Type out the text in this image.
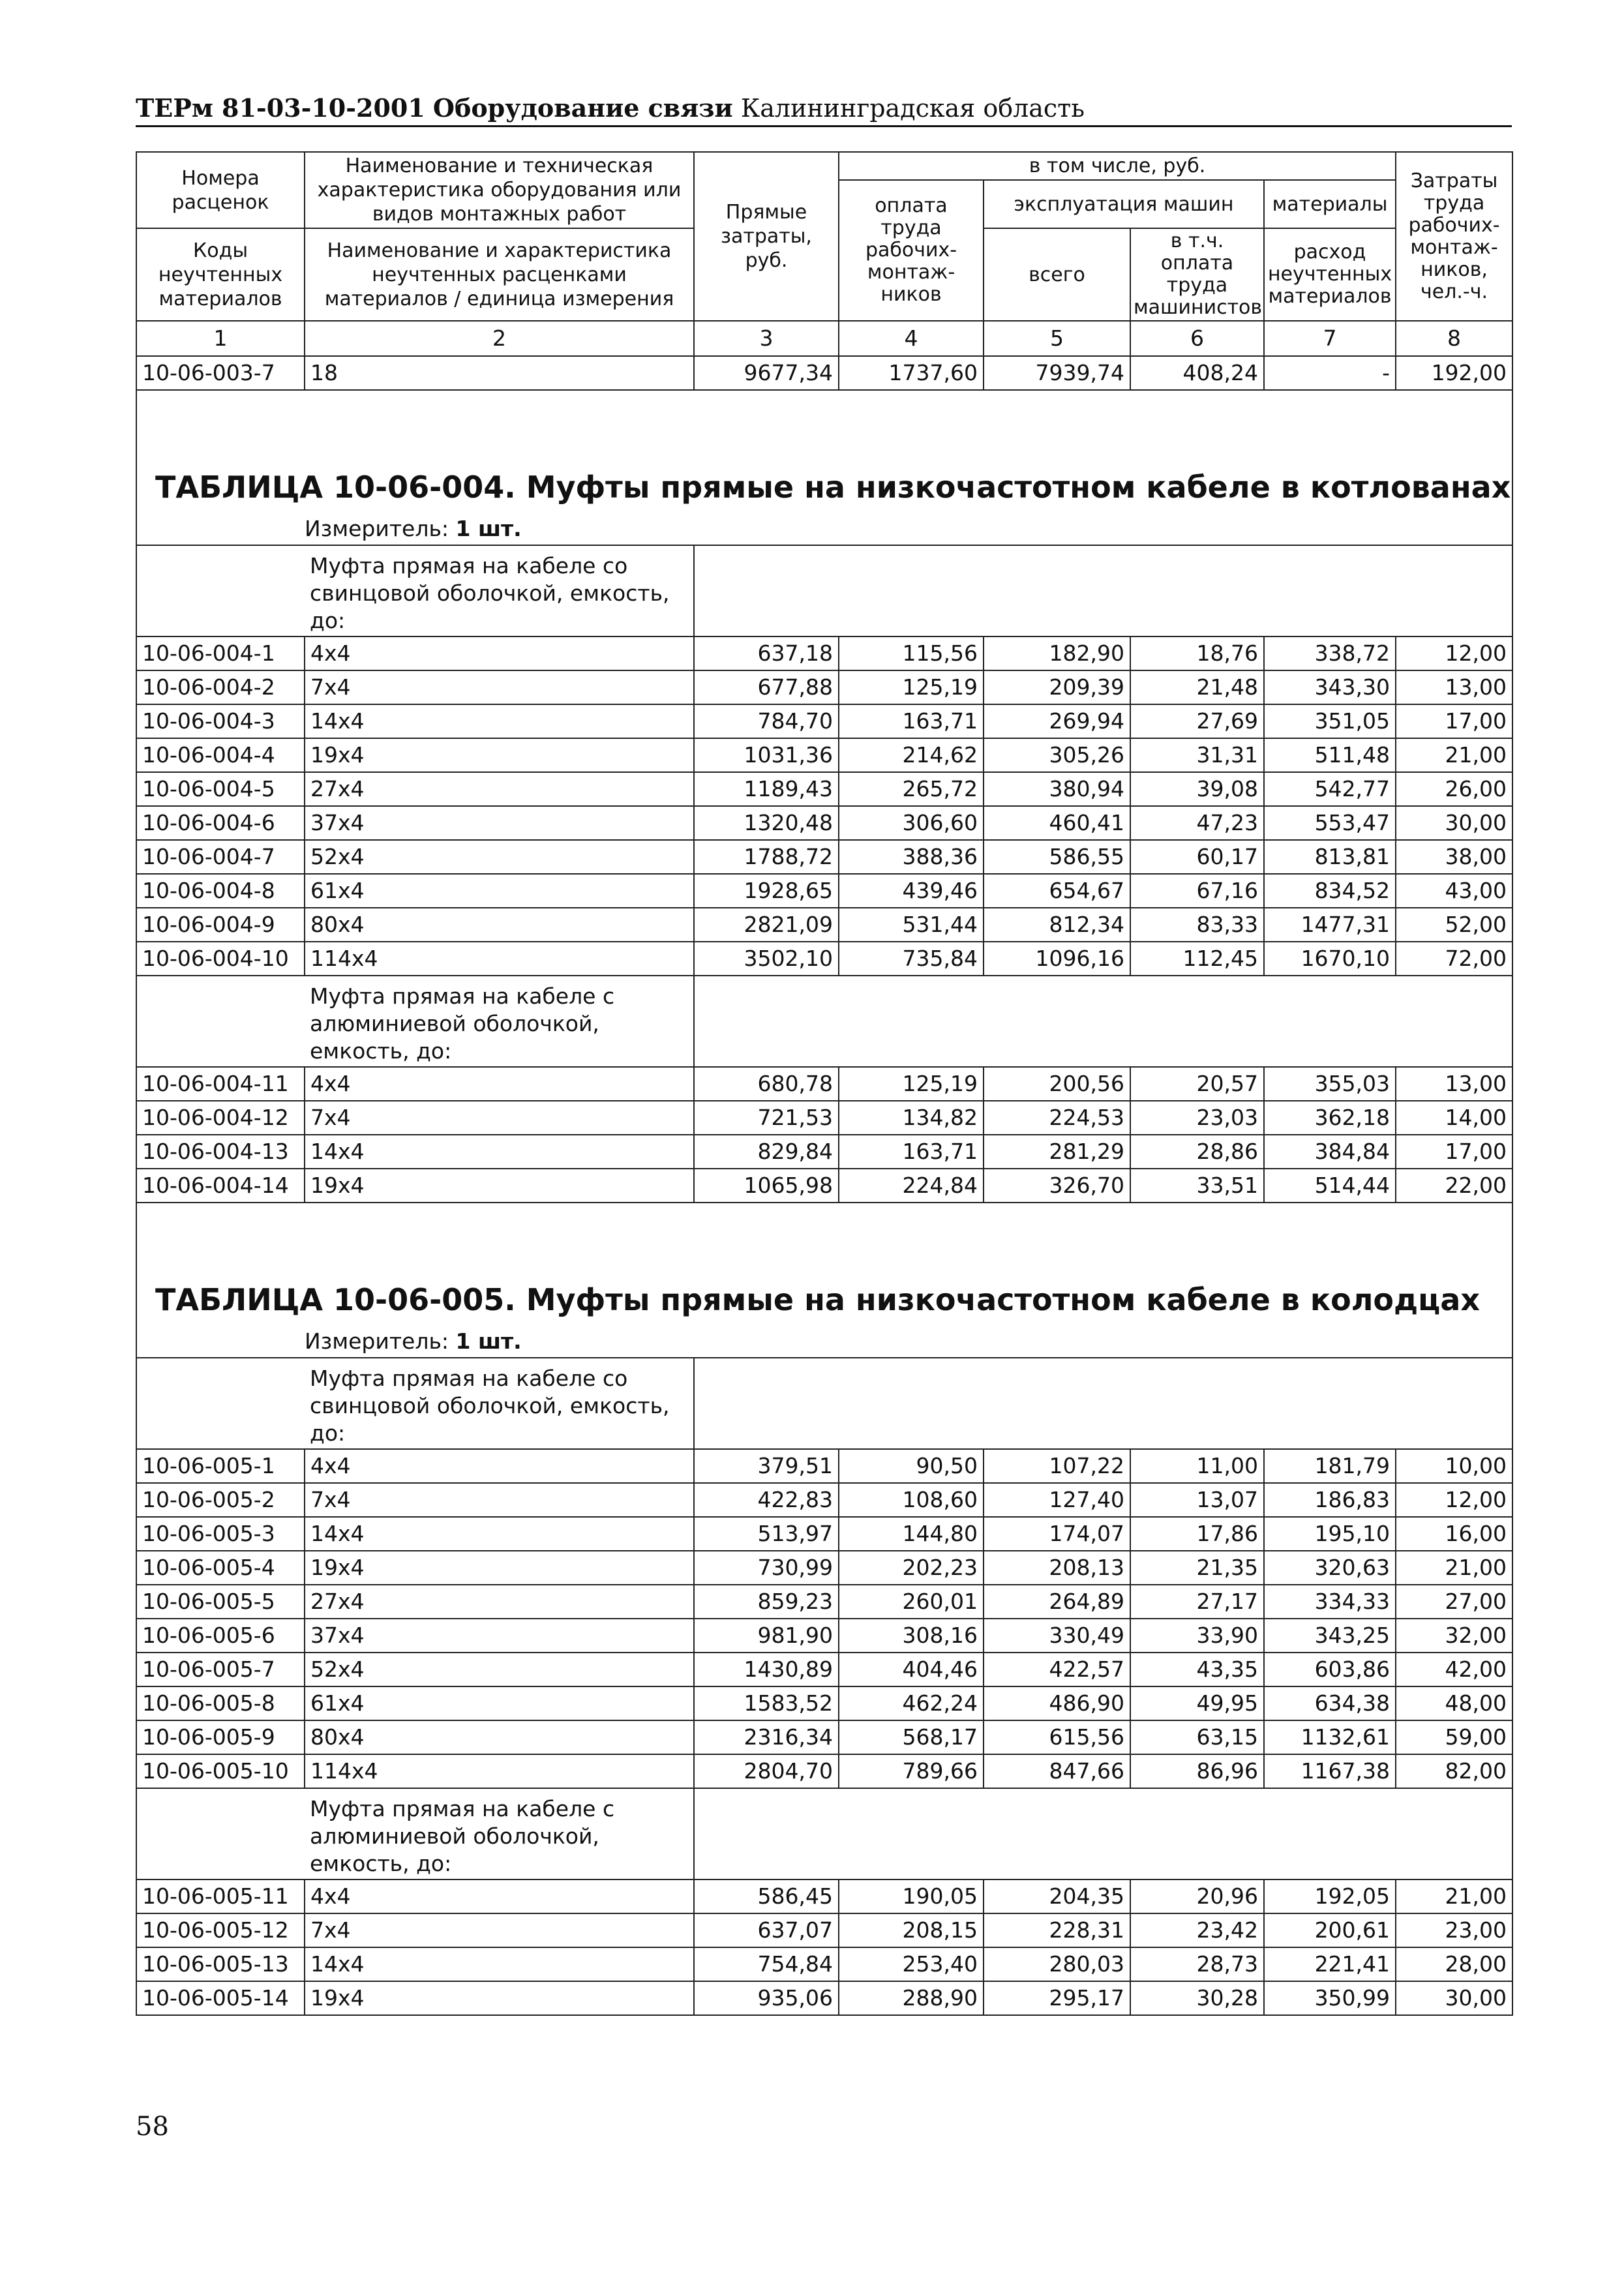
ТЕРм 81-03-10-2001 Оборудование связи Калининградская область
Номера расценок	Наименование и техническая характеристика оборудования или видов монтажных работ	Прямые затраты, руб.	в том числе, руб.				Затраты труда рабочих-монтаж-ников, чел.-ч.
			оплата труда рабочих-монтаж-ников	эксплуатация машин		материалы	
Коды неучтенных материалов	Наименование и характеристика неучтенных расценками материалов / единица измерения			всего	в т.ч. оплата труда машинистов	расход неучтенных материалов	

1	2	3	4	5	6	7	8
10-06-003-7	18	9677,34	1737,60	7939,74	408,24	-	192,00

ТАБЛИЦА 10-06-004. Муфты прямые на низкочастотном кабеле в котлованах							
	Измеритель: 1 шт.						
	Муфта прямая на кабеле со свинцовой оболочкой, емкость, до:						
10-06-004-1	4х4	637,18	115,56	182,90	18,76	338,72	12,00
10-06-004-2	7х4	677,88	125,19	209,39	21,48	343,30	13,00
10-06-004-3	14х4	784,70	163,71	269,94	27,69	351,05	17,00
10-06-004-4	19х4	1031,36	214,62	305,26	31,31	511,48	21,00
10-06-004-5	27х4	1189,43	265,72	380,94	39,08	542,77	26,00
10-06-004-6	37х4	1320,48	306,60	460,41	47,23	553,47	30,00
10-06-004-7	52х4	1788,72	388,36	586,55	60,17	813,81	38,00
10-06-004-8	61х4	1928,65	439,46	654,67	67,16	834,52	43,00
10-06-004-9	80х4	2821,09	531,44	812,34	83,33	1477,31	52,00
10-06-004-10	114х4	3502,10	735,84	1096,16	112,45	1670,10	72,00
	Муфта прямая на кабеле с алюминиевой оболочкой, емкость, до:						
10-06-004-11	4х4	680,78	125,19	200,56	20,57	355,03	13,00
10-06-004-12	7х4	721,53	134,82	224,53	23,03	362,18	14,00
10-06-004-13	14х4	829,84	163,71	281,29	28,86	384,84	17,00
10-06-004-14	19х4	1065,98	224,84	326,70	33,51	514,44	22,00

ТАБЛИЦА 10-06-005. Муфты прямые на низкочастотном кабеле в колодцах							
	Измеритель: 1 шт.						
	Муфта прямая на кабеле со свинцовой оболочкой, емкость, до:						
10-06-005-1	4х4	379,51	90,50	107,22	11,00	181,79	10,00
10-06-005-2	7х4	422,83	108,60	127,40	13,07	186,83	12,00
10-06-005-3	14х4	513,97	144,80	174,07	17,86	195,10	16,00
10-06-005-4	19х4	730,99	202,23	208,13	21,35	320,63	21,00
10-06-005-5	27х4	859,23	260,01	264,89	27,17	334,33	27,00
10-06-005-6	37х4	981,90	308,16	330,49	33,90	343,25	32,00
10-06-005-7	52х4	1430,89	404,46	422,57	43,35	603,86	42,00
10-06-005-8	61х4	1583,52	462,24	486,90	49,95	634,38	48,00
10-06-005-9	80х4	2316,34	568,17	615,56	63,15	1132,61	59,00
10-06-005-10	114х4	2804,70	789,66	847,66	86,96	1167,38	82,00
	Муфта прямая на кабеле с алюминиевой оболочкой, емкость, до:						
10-06-005-11	4х4	586,45	190,05	204,35	20,96	192,05	21,00
10-06-005-12	7х4	637,07	208,15	228,31	23,42	200,61	23,00
10-06-005-13	14х4	754,84	253,40	280,03	28,73	221,41	28,00
10-06-005-14	19х4	935,06	288,90	295,17	30,28	350,99	30,00
58
